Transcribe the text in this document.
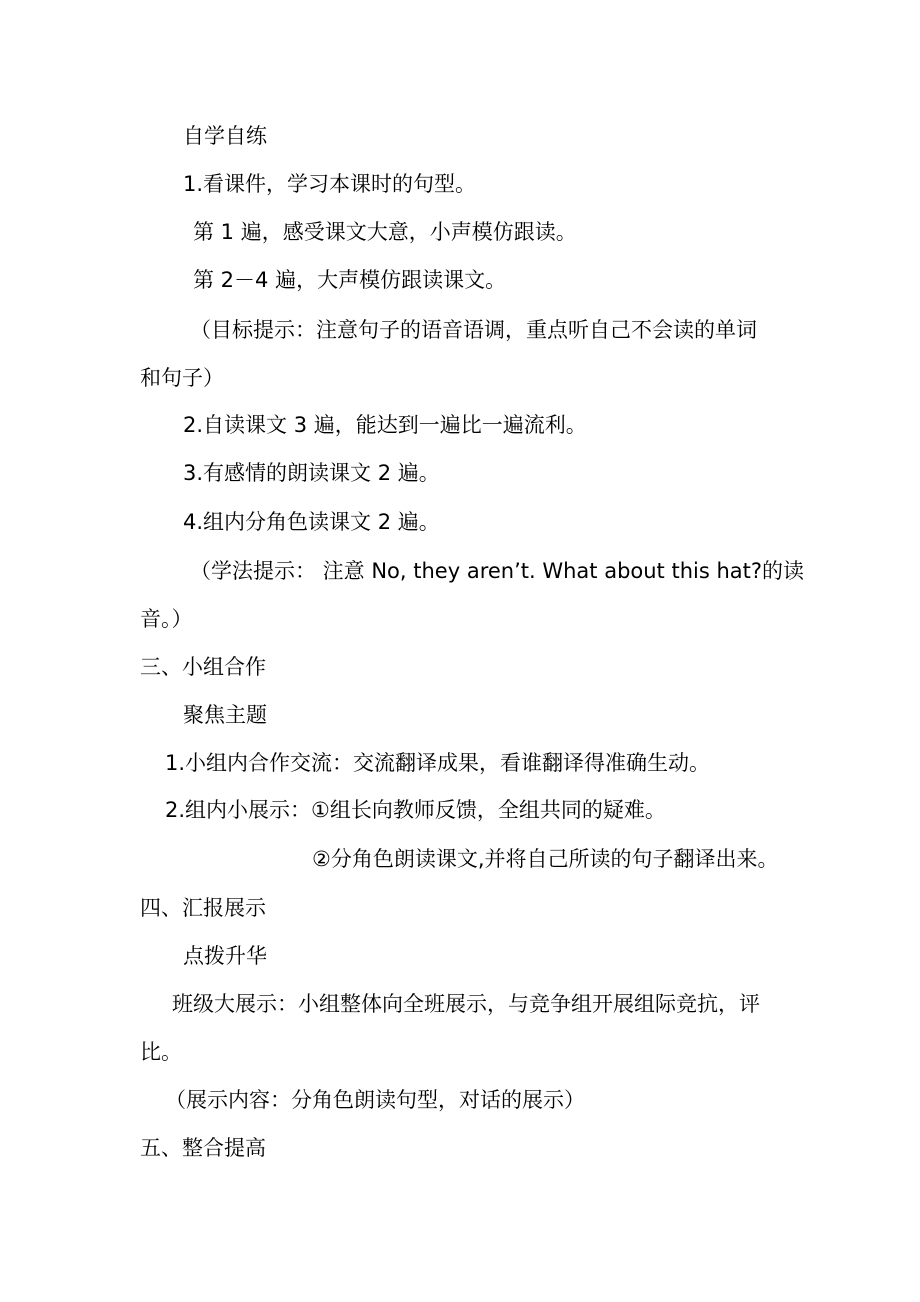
自学自练
1.看课件，学习本课时的句型。
第 1 遍，感受课文大意，小声模仿跟读。
第 2－4 遍，大声模仿跟读课文。
（目标提示：注意句子的语音语调，重点听自己不会读的单词
和句子）
2.自读课文 3 遍，能达到一遍比一遍流利。
3.有感情的朗读课文 2 遍。
4.组内分角色读课文 2 遍。
（学法提示： 注意 No, they aren’t. What about this hat?的读
音。）
三、小组合作
聚焦主题
1.小组内合作交流：交流翻译成果，看谁翻译得准确生动。
2.组内小展示：①组长向教师反馈，全组共同的疑难。
②分角色朗读课文,并将自己所读的句子翻译出来。
四、汇报展示
点拨升华
班级大展示：小组整体向全班展示，与竞争组开展组际竞抗，评
比。
（展示内容：分角色朗读句型，对话的展示）
五、整合提高
